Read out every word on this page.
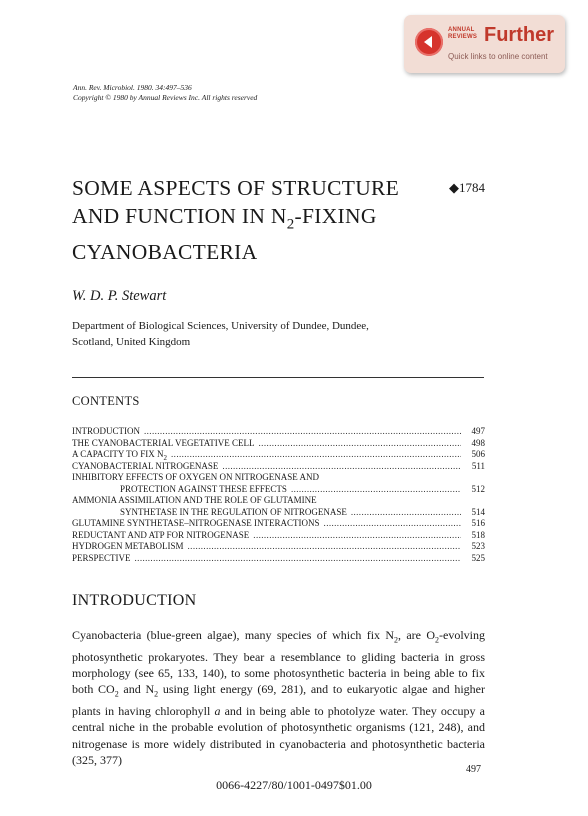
ANNUAL
REVIEWS Further
Quick links to online content
Ann. Rev. Microbiol. 1980. 34:497–536
Copyright © 1980 by Annual Reviews Inc. All rights reserved
SOME ASPECTS OF STRUCTURE
AND FUNCTION IN $N_2$-FIXING
CYANOBACTERIA
◆1784
W. D. P. Stewart
Department of Biological Sciences, University of Dundee, Dundee,
Scotland, United Kingdom
CONTENTS
INTRODUCTION .....	497
THE CYANOBACTERIAL VEGETATIVE CELL .....	498
A CAPACITY TO FIX $N_2$ .....	506
CYANOBACTERIAL NITROGENASE .....	511
INHIBITORY EFFECTS OF OXYGEN ON NITROGENASE AND
PROTECTION AGAINST THESE EFFECTS .....	512
AMMONIA ASSIMILATION AND THE ROLE OF GLUTAMINE
SYNTHETASE IN THE REGULATION OF NITROGENASE .....	514
GLUTAMINE SYNTHETASE–NITROGENASE INTERACTIONS .....	516
REDUCTANT AND ATP FOR NITROGENASE .....	518
HYDROGEN METABOLISM .....	523
PERSPECTIVE .....	525
INTRODUCTION

Cyanobacteria (blue-green algae), many species of which fix $N_2$, are $O_2$-evolving photosynthetic prokaryotes. They bear a resemblance to gliding bacteria in gross morphology (see 65, 133, 140), to some photosynthetic bacteria in being able to fix both $CO_2$ and $N_2$ using light energy (69, 281), and to eukaryotic algae and higher plants in having chlorophyll a and in being able to photolyze water. They occupy a central niche in the probable evolution of photosynthetic organisms (121, 248), and nitrogenase is more widely distributed in cyanobacteria and photosynthetic bacteria (325, 377)

497
0066-4227/80/1001-0497$01.00
